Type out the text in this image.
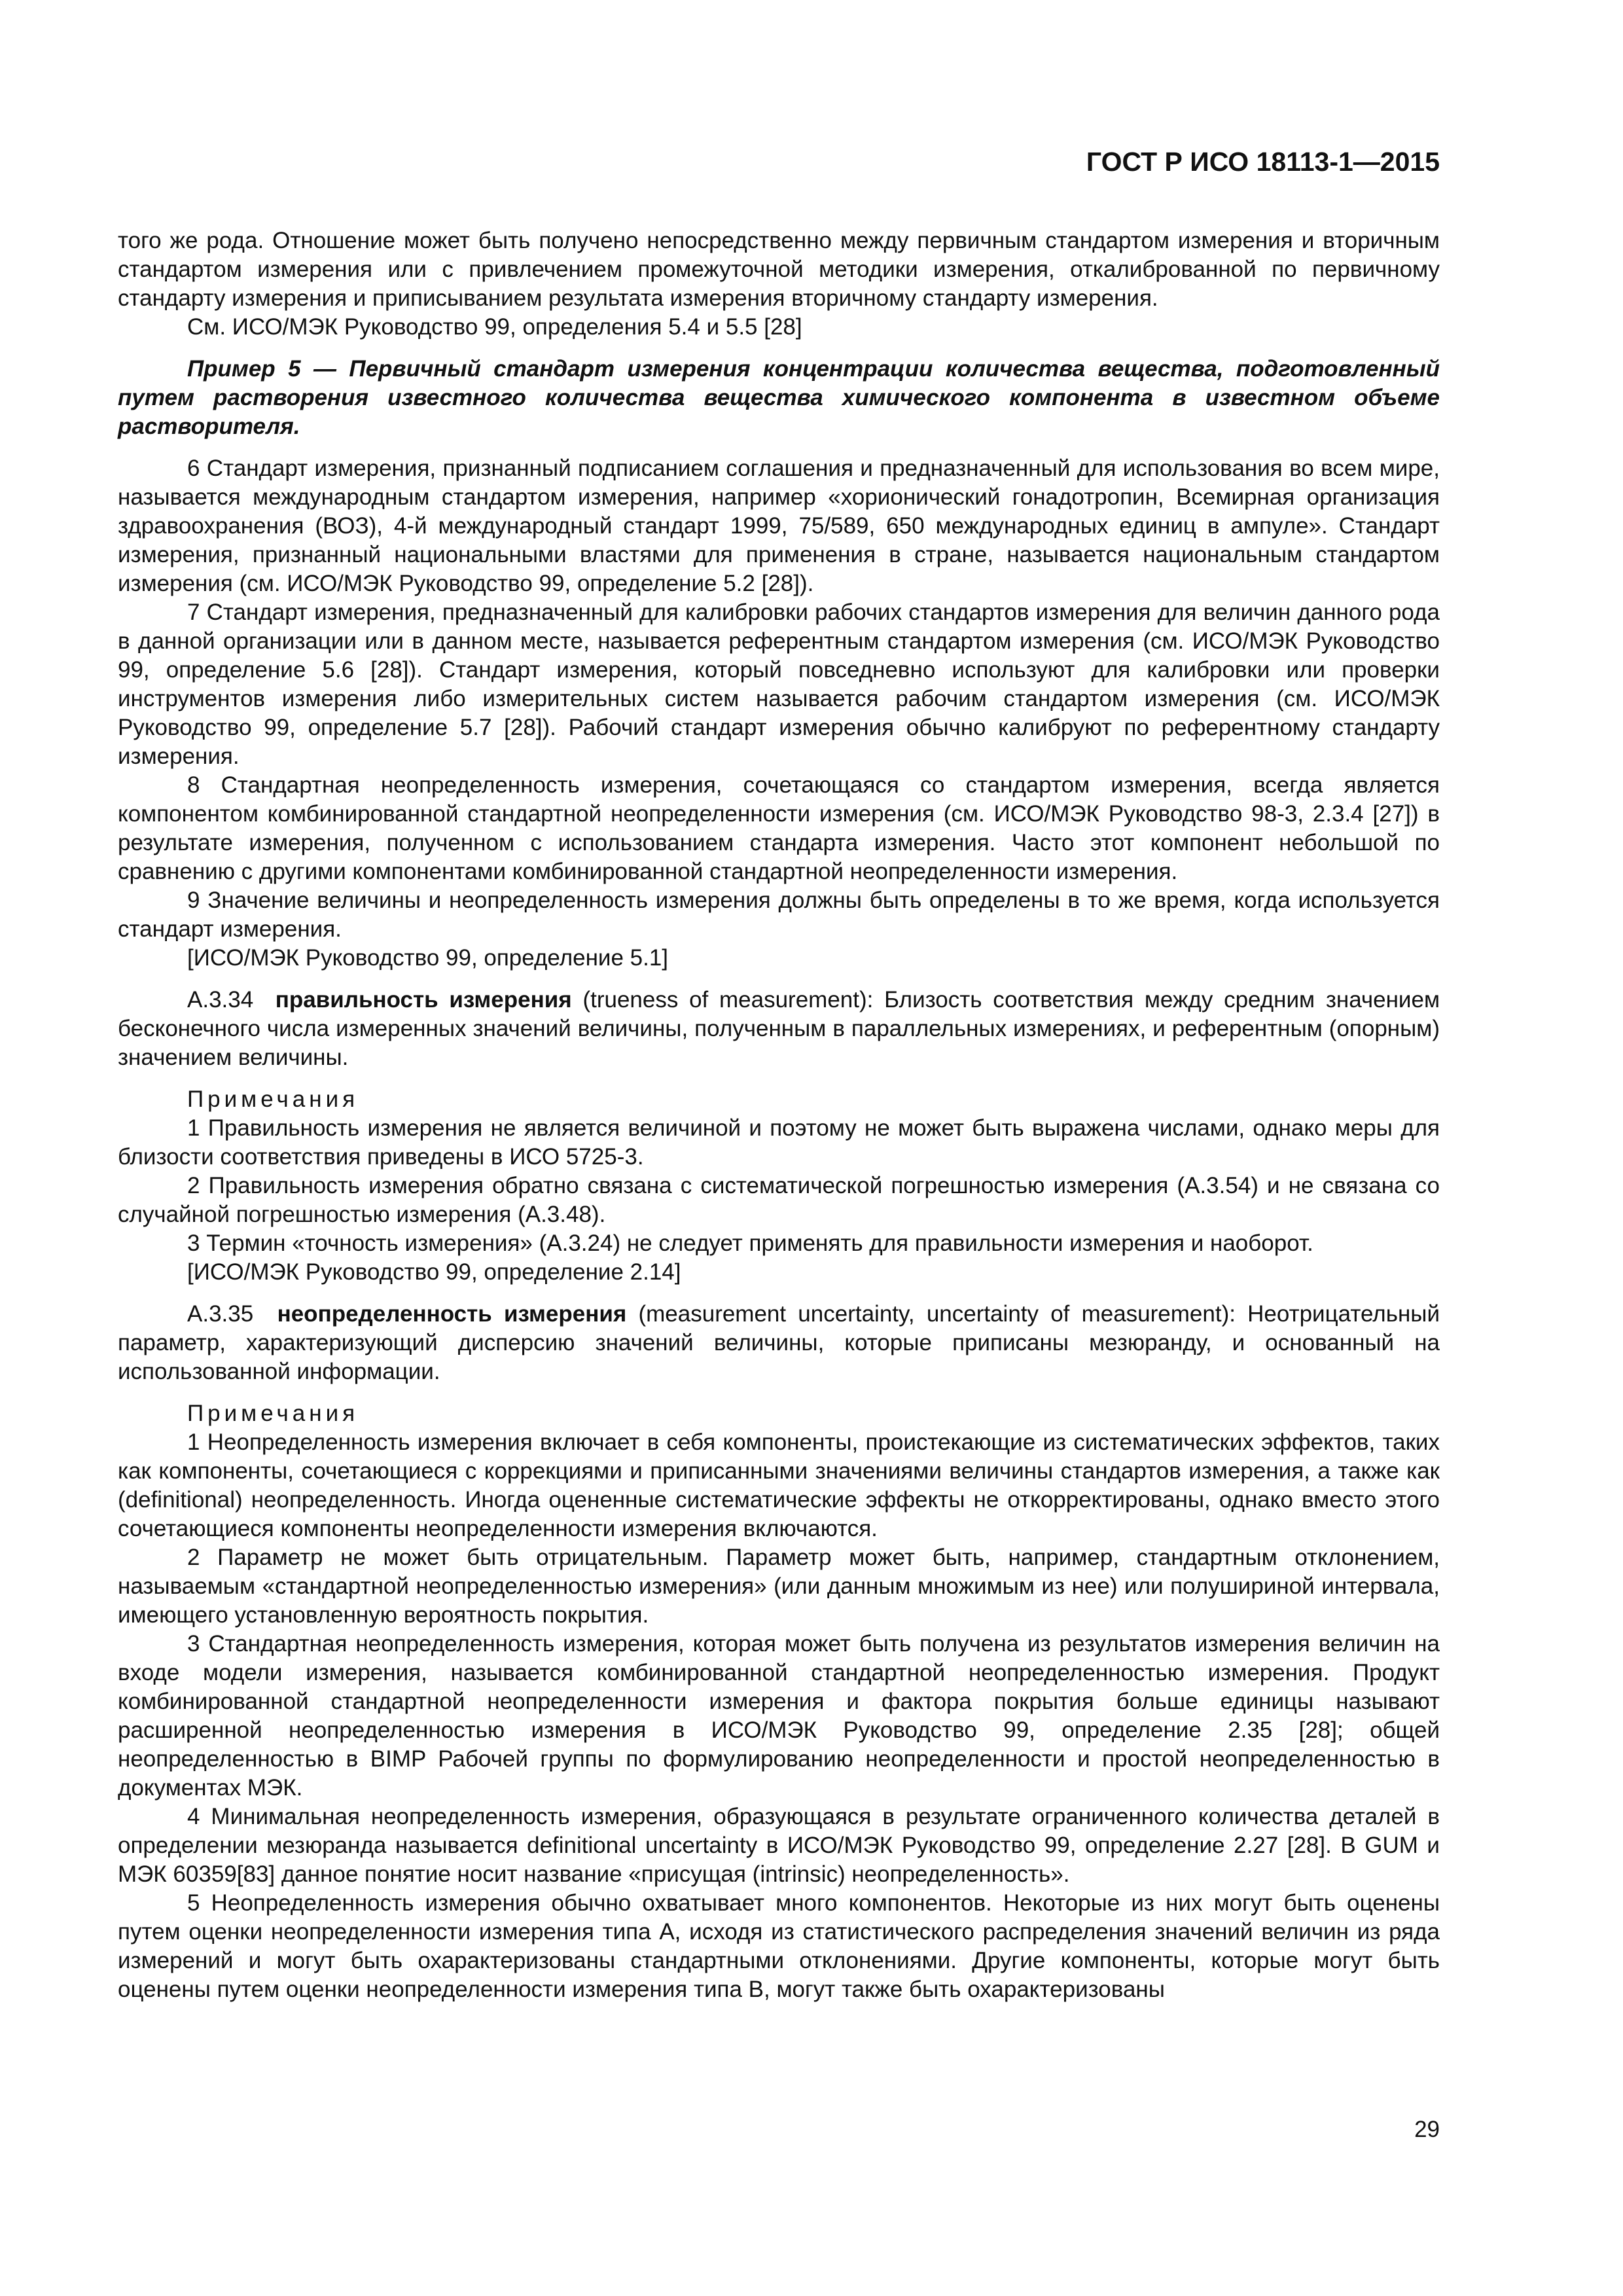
ГОСТ Р ИСО 18113-1—2015

того же рода. Отношение может быть получено непосредственно между первичным стандартом измерения и вторичным стандартом измерения или с привлечением промежуточной методики измерения, откалиброванной по первичному стандарту измерения и приписыванием результата измерения вторичному стандарту измерения.

См. ИСО/МЭК Руководство 99, определения 5.4 и 5.5 [28]

Пример 5 — Первичный стандарт измерения концентрации количества вещества, подготовленный путем растворения известного количества вещества химического компонента в известном объеме растворителя.

6 Стандарт измерения, признанный подписанием соглашения и предназначенный для использования во всем мире, называется международным стандартом измерения, например «хорионический гонадотропин, Всемирная организация здравоохранения (ВОЗ), 4-й международный стандарт 1999, 75/589, 650 международных единиц в ампуле». Стандарт измерения, признанный национальными властями для применения в стране, называется национальным стандартом измерения (см. ИСО/МЭК Руководство 99, определение 5.2 [28]).

7 Стандарт измерения, предназначенный для калибровки рабочих стандартов измерения для величин данного рода в данной организации или в данном месте, называется референтным стандартом измерения (см. ИСО/МЭК Руководство 99, определение 5.6 [28]). Стандарт измерения, который повседневно используют для калибровки или проверки инструментов измерения либо измерительных систем называется рабочим стандартом измерения (см. ИСО/МЭК Руководство 99, определение 5.7 [28]). Рабочий стандарт измерения обычно калибруют по референтному стандарту измерения.

8 Стандартная неопределенность измерения, сочетающаяся со стандартом измерения, всегда является компонентом комбинированной стандартной неопределенности измерения (см. ИСО/МЭК Руководство 98-3, 2.3.4 [27]) в результате измерения, полученном с использованием стандарта измерения. Часто этот компонент небольшой по сравнению с другими компонентами комбинированной стандартной неопределенности измерения.

9 Значение величины и неопределенность измерения должны быть определены в то же время, когда используется стандарт измерения.

[ИСО/МЭК Руководство 99, определение 5.1]

А.3.34 правильность измерения (trueness of measurement): Близость соответствия между средним значением бесконечного числа измеренных значений величины, полученным в параллельных измерениях, и референтным (опорным) значением величины.

Примечания

1 Правильность измерения не является величиной и поэтому не может быть выражена числами, однако меры для близости соответствия приведены в ИСО 5725-3.

2 Правильность измерения обратно связана с систематической погрешностью измерения (А.3.54) и не связана со случайной погрешностью измерения (А.3.48).

3 Термин «точность измерения» (А.3.24) не следует применять для правильности измерения и наоборот.

[ИСО/МЭК Руководство 99, определение 2.14]

А.3.35 неопределенность измерения (measurement uncertainty, uncertainty of measurement): Неотрицательный параметр, характеризующий дисперсию значений величины, которые приписаны мезюранду, и основанный на использованной информации.

Примечания

1 Неопределенность измерения включает в себя компоненты, проистекающие из систематических эффектов, таких как компоненты, сочетающиеся с коррекциями и приписанными значениями величины стандартов измерения, а также как (definitional) неопределенность. Иногда оцененные систематические эффекты не откорректированы, однако вместо этого сочетающиеся компоненты неопределенности измерения включаются.

2 Параметр не может быть отрицательным. Параметр может быть, например, стандартным отклонением, называемым «стандартной неопределенностью измерения» (или данным множимым из нее) или полушириной интервала, имеющего установленную вероятность покрытия.

3 Стандартная неопределенность измерения, которая может быть получена из результатов измерения величин на входе модели измерения, называется комбинированной стандартной неопределенностью измерения. Продукт комбинированной стандартной неопределенности измерения и фактора покрытия больше единицы называют расширенной неопределенностью измерения в ИСО/МЭК Руководство 99, определение 2.35 [28]; общей неопределенностью в BIMP Рабочей группы по формулированию неопределенности и простой неопределенностью в документах МЭК.

4 Минимальная неопределенность измерения, образующаяся в результате ограниченного количества деталей в определении мезюранда называется definitional uncertainty в ИСО/МЭК Руководство 99, определение 2.27 [28]. В GUM и МЭК 60359[83] данное понятие носит название «присущая (intrinsic) неопределенность».

5 Неопределенность измерения обычно охватывает много компонентов. Некоторые из них могут быть оценены путем оценки неопределенности измерения типа А, исходя из статистического распределения значений величин из ряда измерений и могут быть охарактеризованы стандартными отклонениями. Другие компоненты, которые могут быть оценены путем оценки неопределенности измерения типа В, могут также быть охарактеризованы

29
